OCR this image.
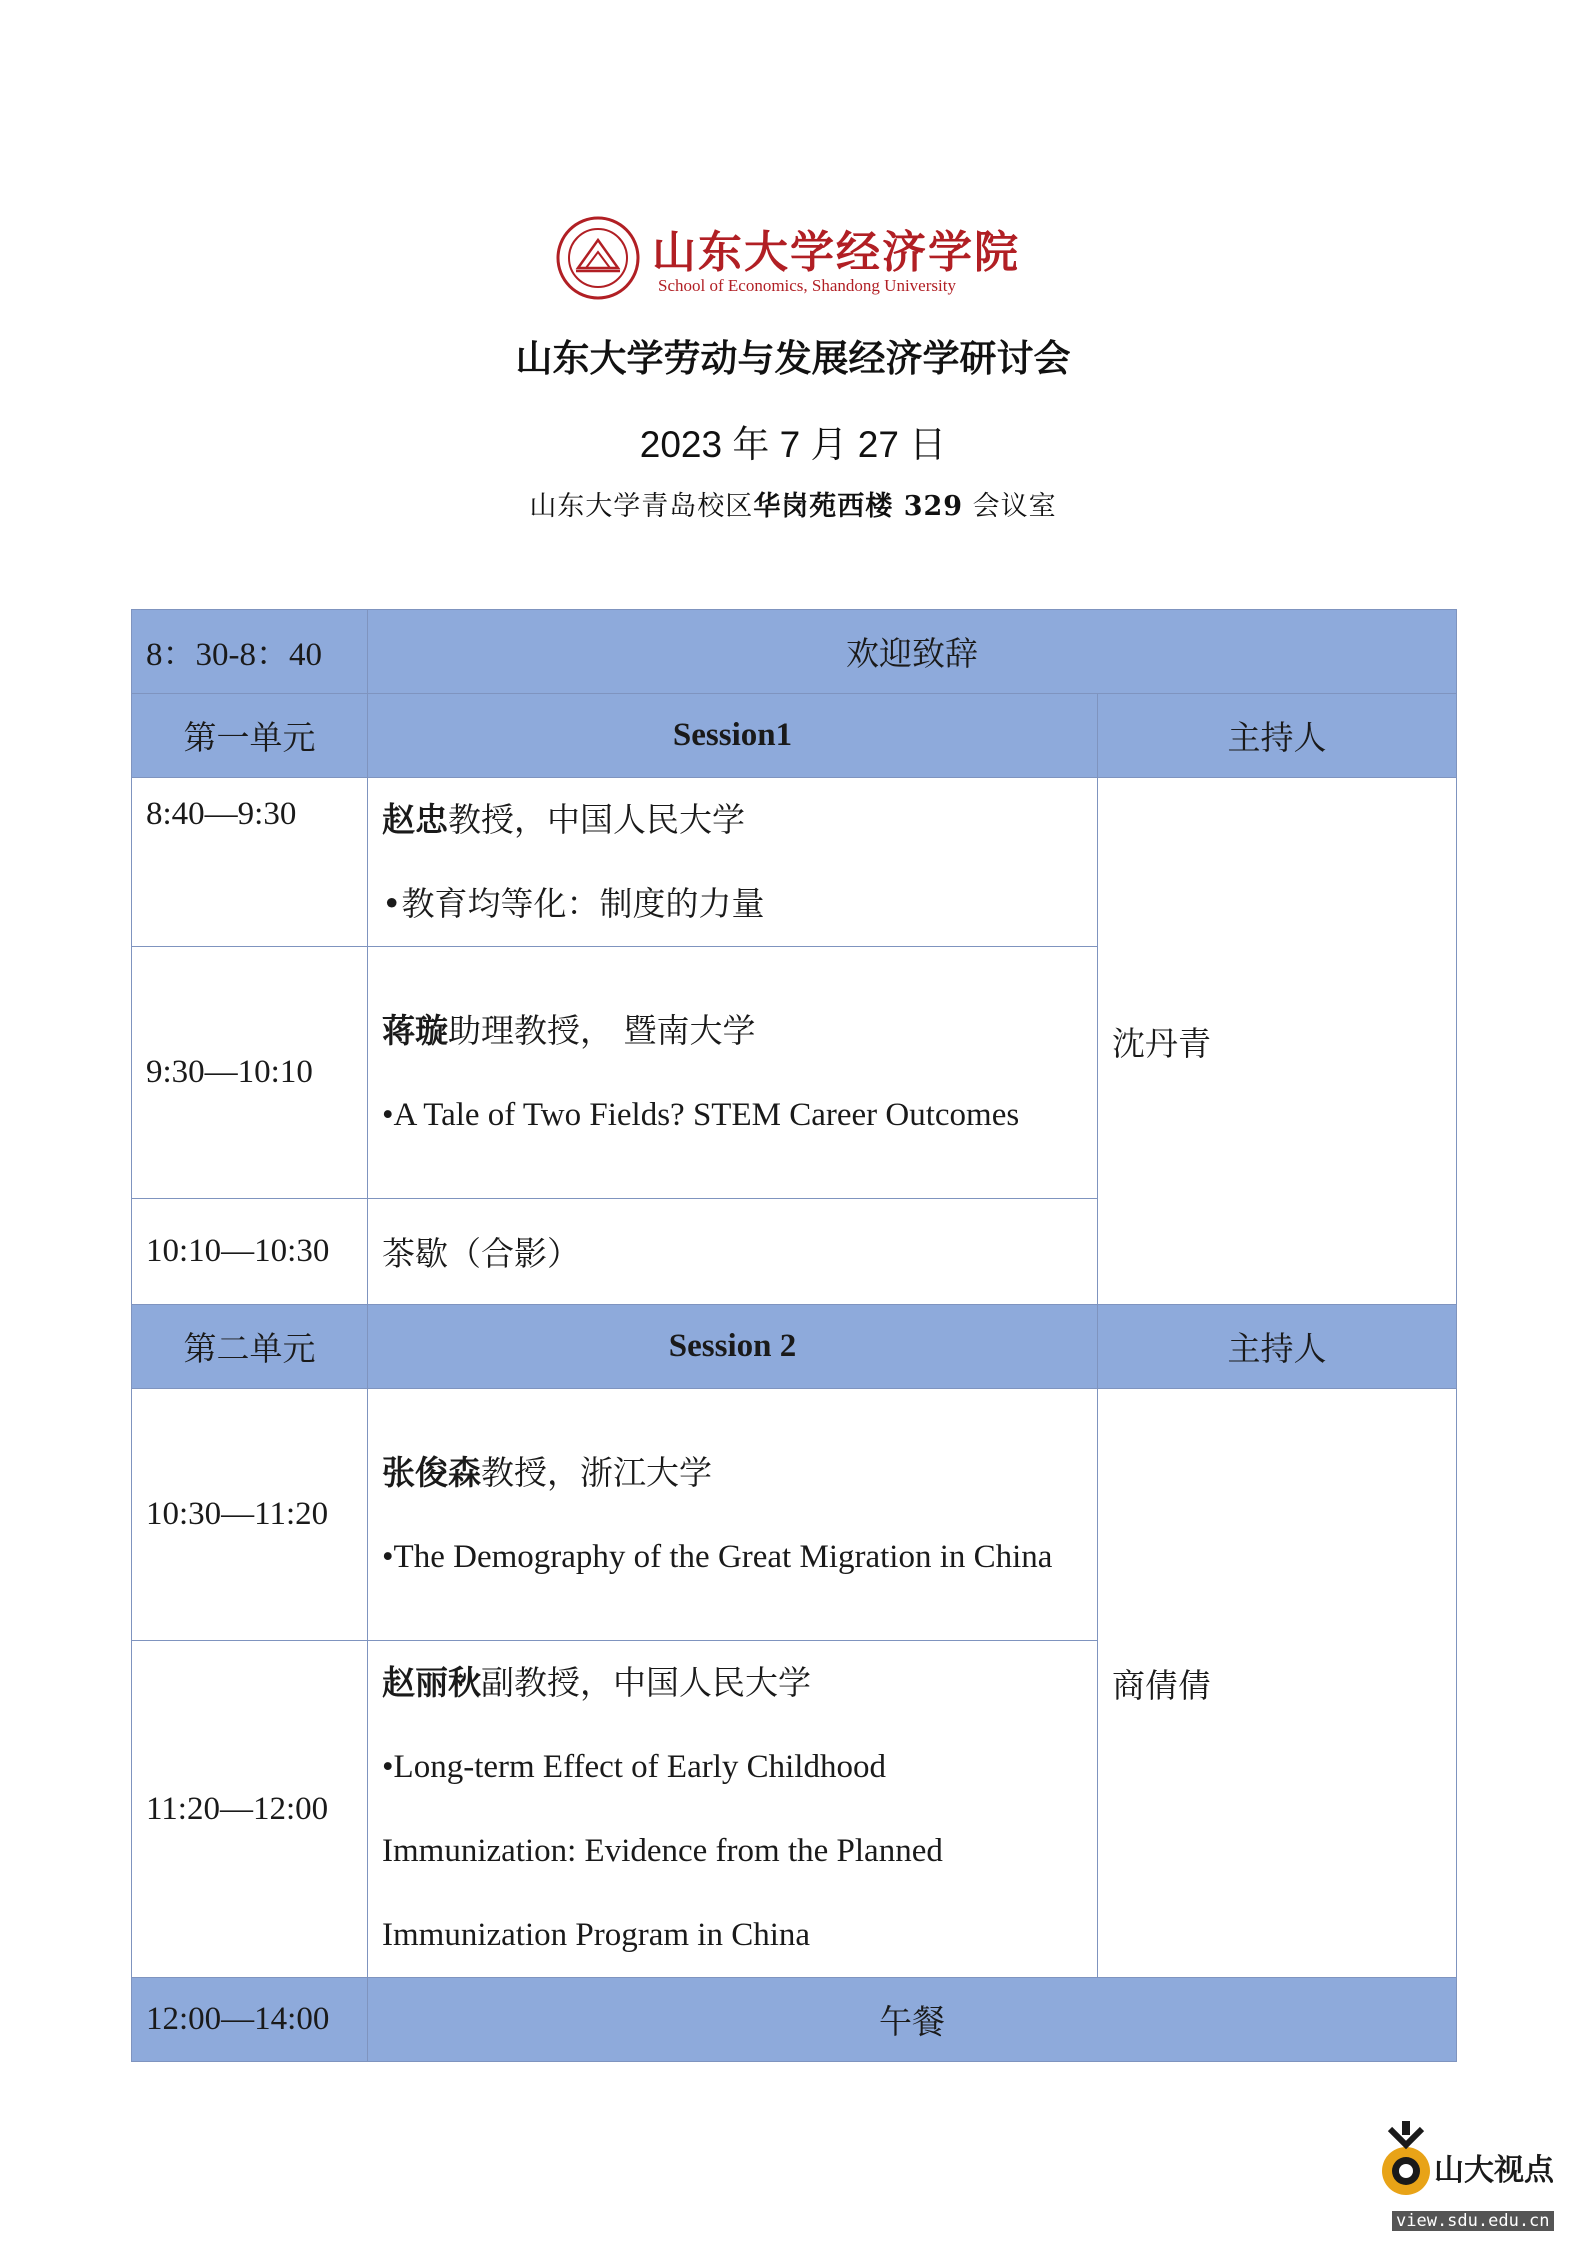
山东大学经济学院
School of Economics, Shandong University
山东大学劳动与发展经济学研讨会
2023 年 7 月 27 日
山东大学青岛校区华岗苑西楼 329 会议室
8：30-8：40	欢迎致辞	
第一单元	Session1	主持人
8:40—9:30	赵忠教授，中国人民大学
•教育均等化：制度的力量	沈丹青
9:30—10:10	蒋璇助理教授， 暨南大学
•A Tale of Two Fields? STEM Career Outcomes	

10:10—10:30	茶歇（合影）	
第二单元	Session 2	主持人
10:30—11:20	张俊森教授，浙江大学
•The Demography of the Great Migration in China	商倩倩
11:20—12:00	赵丽秋副教授，中国人民大学
•Long-term Effect of Early Childhood Immunization: Evidence from the Planned Immunization Program in China	

12:00—14:00	午餐	
山大视点
view.sdu.edu.cn
